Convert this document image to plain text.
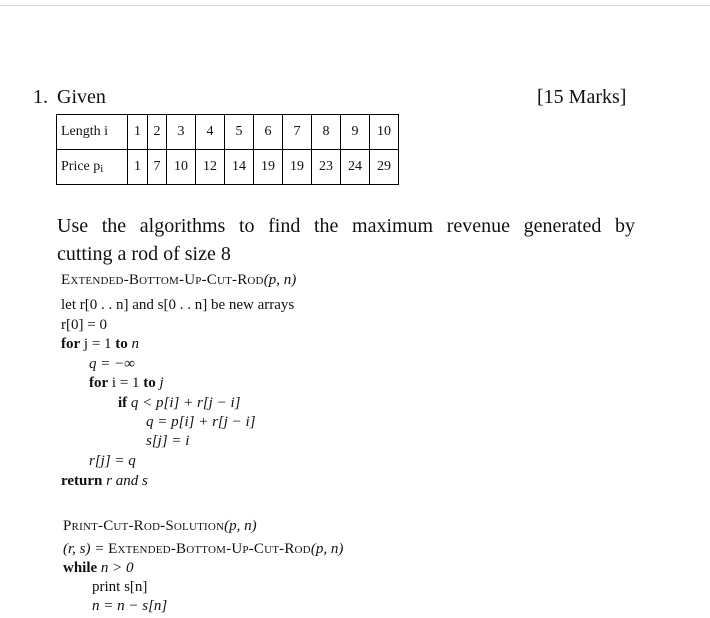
1. Given	[15 Marks]
Length i	1	2	3	4	5	6	7	8	9	10
Price pi	1	7	10	12	14	19	19	23	24	29
Use the algorithms to find the maximum revenue generated by
cutting a rod of size 8
Extended-Bottom-Up-Cut-Rod(p, n)
let r[0 . . n] and s[0 . . n] be new arrays
r[0] = 0
for j = 1 to n
q = −∞
for i = 1 to j
if q < p[i] + r[j − i]
q = p[i] + r[j − i]
s[j] = i
r[j] = q
return r and s
Print-Cut-Rod-Solution(p, n)
(r, s) = Extended-Bottom-Up-Cut-Rod(p, n)
while n > 0
print s[n]
n = n − s[n]
